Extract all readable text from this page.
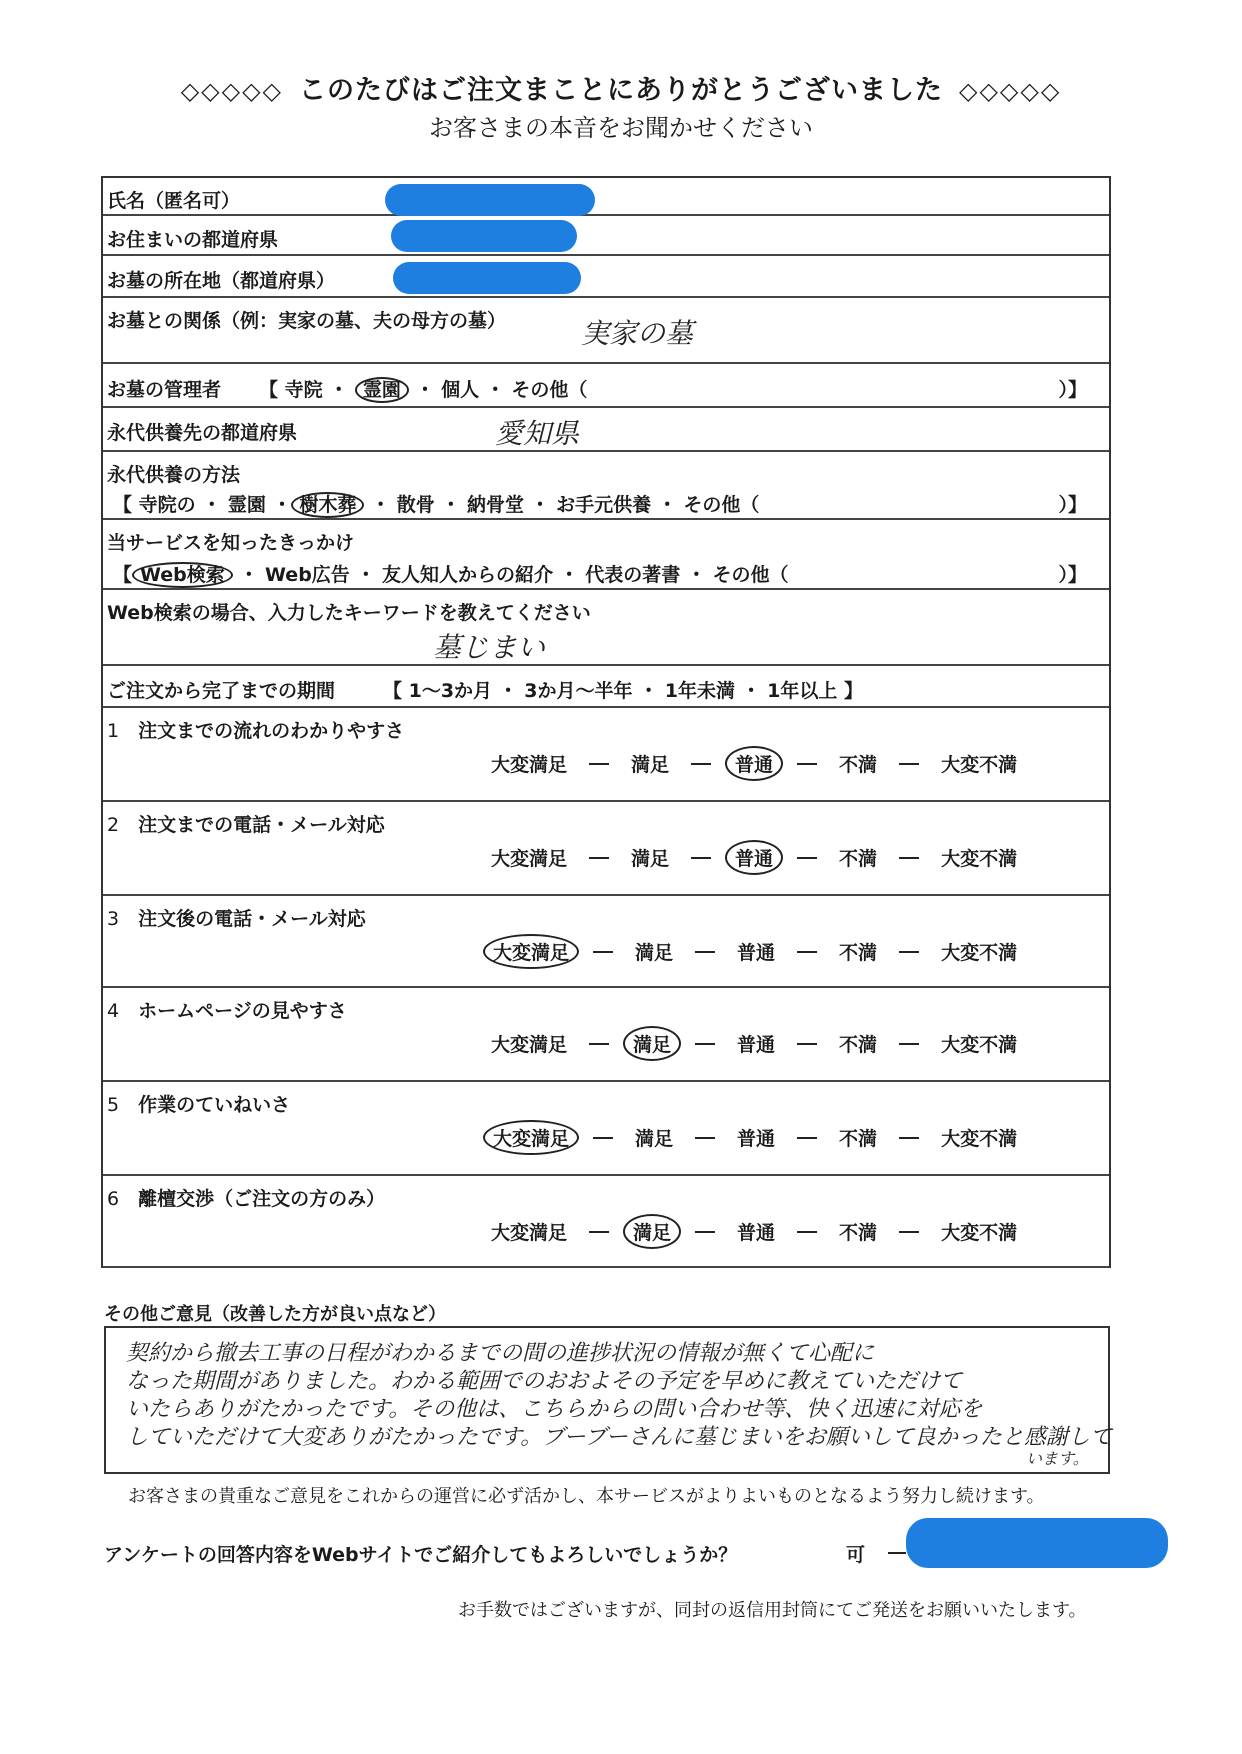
◇◇◇◇◇ このたびはご注文まことにありがとうございました ◇◇◇◇◇
お客さまの本音をお聞かせください
氏名（匿名可）
お住まいの都道府県
お墓の所在地（都道府県）
お墓との関係（例：実家の墓、夫の母方の墓）	実家の墓
お墓の管理者 【 寺院 ・ 霊園 ・ 個人 ・ その他（	）】
永代供養先の都道府県	愛知県
永代供養の方法
【 寺院の ・ 霊園 ・ 樹木葬 ・ 散骨 ・ 納骨堂 ・ お手元供養 ・ その他（	）】
当サービスを知ったきっかけ
【 Web検索 ・ Web広告 ・ 友人知人からの紹介 ・ 代表の著書 ・ その他（	）】
Web検索の場合、入力したキーワードを教えてください
墓じまい
ご注文から完了までの期間	【 1〜3か月 ・ 3か月〜半年 ・ 1年未満 ・ 1年以上 】
1　 注文までの流れのわかりやすさ
大変満足	満足	普通	不満	大変不満
2　 注文までの電話・メール対応
大変満足	満足	普通	不満	大変不満
3　 注文後の電話・メール対応
大変満足	満足	普通	不満	大変不満
4　 ホームページの見やすさ
大変満足	満足	普通	不満	大変不満
5　 作業のていねいさ
大変満足	満足	普通	不満	大変不満
6　 離檀交渉（ご注文の方のみ）
大変満足	満足	普通	不満	大変不満
その他ご意見（改善した方が良い点など）
契約から撤去工事の日程がわかるまでの間の進捗状況の情報が無くて心配に
なった期間がありました。わかる範囲でのおおよその予定を早めに教えていただけて
いたらありがたかったです。その他は、こちらからの問い合わせ等、快く迅速に対応を
していただけて大変ありがたかったです。ブーブーさんに墓じまいをお願いして良かったと感謝して
います。
お客さまの貴重なご意見をこれからの運営に必ず活かし、本サービスがよりよいものとなるよう努力し続けます。
アンケートの回答内容をWebサイトでご紹介してもよろしいでしょうか？	可
お手数ではございますが、同封の返信用封筒にてご発送をお願いいたします。
